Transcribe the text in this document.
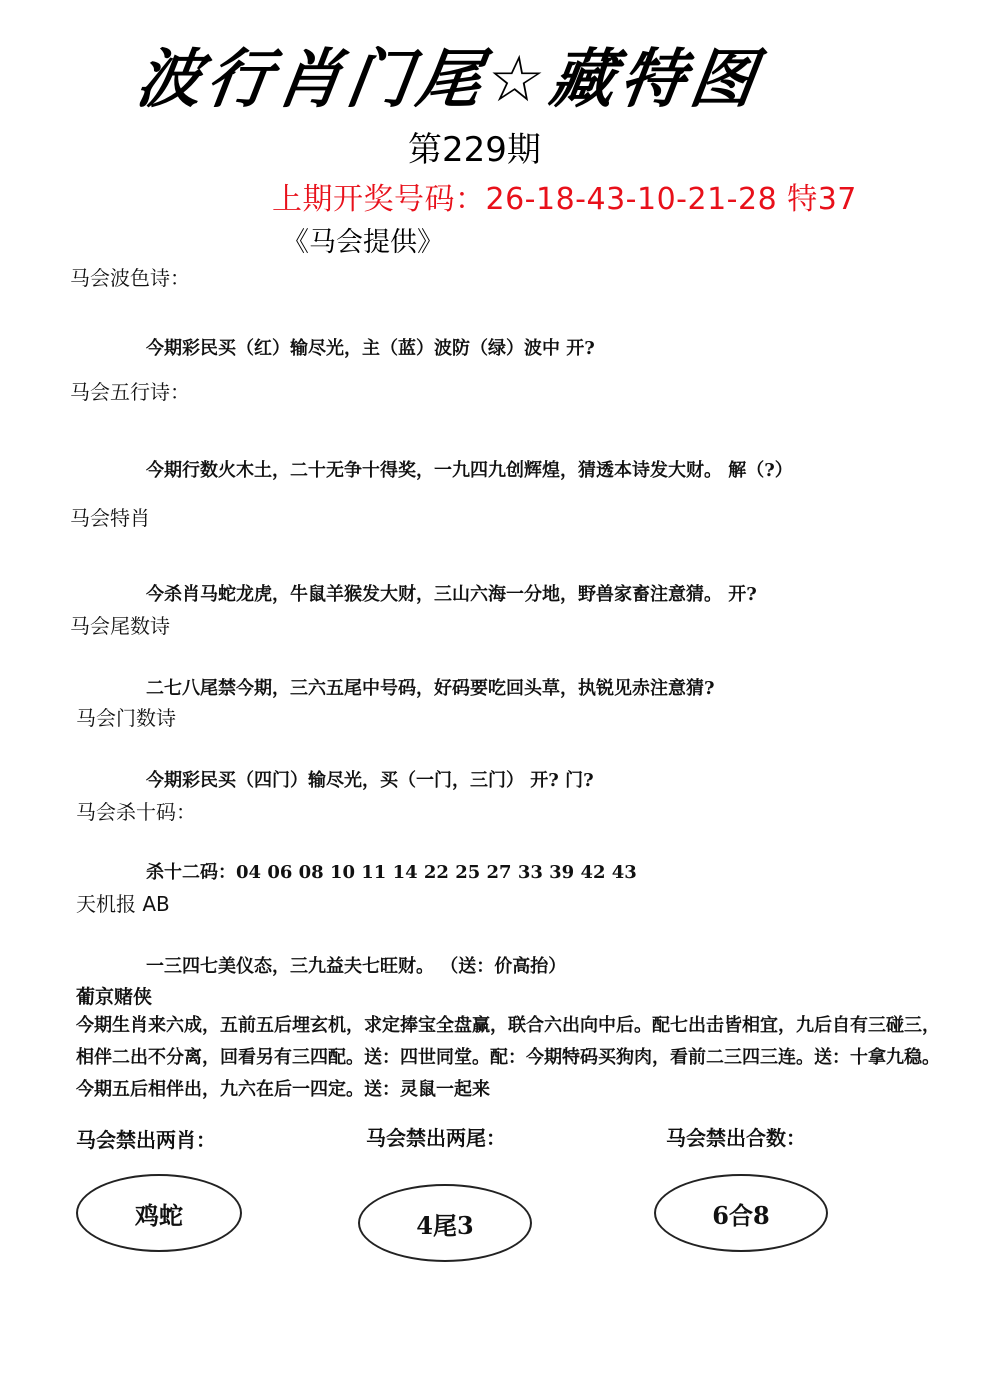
波行肖门尾☆藏特图
第229期
上期开奖号码：26-18-43-10-21-28 特37
《马会提供》
马会波色诗：
今期彩民买（红）输尽光，主（蓝）波防（绿）波中 开?
马会五行诗：
今期行数火木土，二十无争十得奖，一九四九创辉煌，猜透本诗发大财。 解（?）
马会特肖
今杀肖马蛇龙虎，牛鼠羊猴发大财，三山六海一分地，野兽家畜注意猜。 开?
马会尾数诗
二七八尾禁今期，三六五尾中号码，好码要吃回头草，执锐见赤注意猜?
马会门数诗
今期彩民买（四门）输尽光，买（一门，三门） 开? 门?
马会杀十码：
杀十二码：04 06 08 10 11 14 22 25 27 33 39 42 43
天机报 AB
一三四七美仪态，三九益夫七旺财。 （送：价高抬）
葡京赌侠
今期生肖来六成，五前五后埋玄机，求定捧宝全盘赢，联合六出向中后。配七出击皆相宜，九后自有三碰三，相伴二出不分离，回看另有三四配。送：四世同堂。配：今期特码买狗肉，看前二三四三连。送：十拿九稳。今期五后相伴出，九六在后一四定。送：灵鼠一起来
马会禁出两肖：	马会禁出两尾：	马会禁出合数：
鸡蛇	4尾3	6合8
